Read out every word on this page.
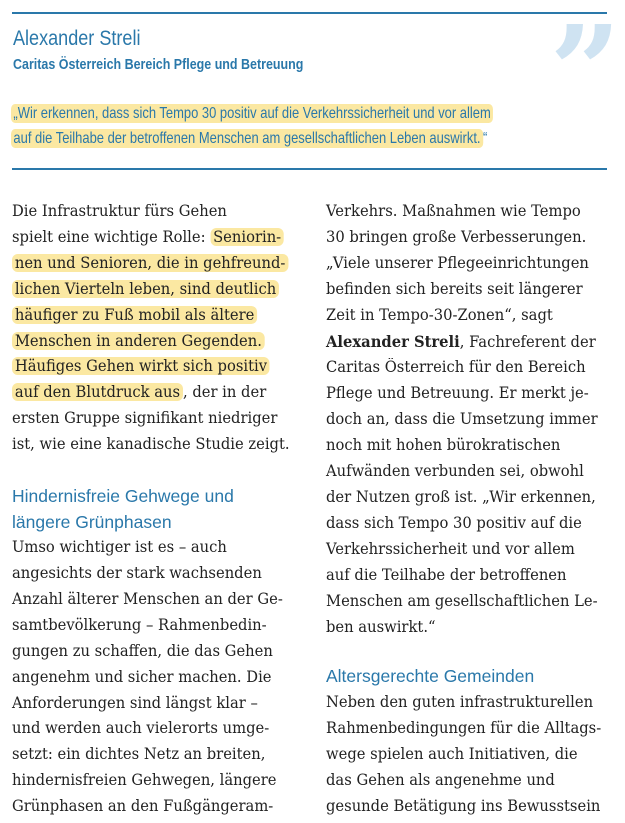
”
Alexander Streli
Caritas Österreich Bereich Pflege und Betreuung
„Wir erkennen, dass sich Tempo 30 positiv auf die Verkehrssicherheit und vor allem
auf die Teilhabe der betroffenen Menschen am gesellschaftlichen Leben auswirkt. “
Die Infrastruktur fürs Gehen
spielt eine wichtige Rolle: Seniorin-
nen und Senioren, die in gehfreund-
lichen Vierteln leben, sind deutlich
häufiger zu Fuß mobil als ältere
Menschen in anderen Gegenden.
Häufiges Gehen wirkt sich positiv
auf den Blutdruck aus , der in der
ersten Gruppe signifikant niedriger
ist, wie eine kanadische Studie zeigt.
Hindernisfreie Gehwege und
längere Grünphasen
Umso wichtiger ist es – auch
angesichts der stark wachsenden
Anzahl älterer Menschen an der Ge-
samtbevölkerung – Rahmenbedin-
gungen zu schaffen, die das Gehen
angenehm und sicher machen. Die
Anforderungen sind längst klar –
und werden auch vielerorts umge-
setzt: ein dichtes Netz an breiten,
hindernisfreien Gehwegen, längere
Grünphasen an den Fußgängeram-
Verkehrs. Maßnahmen wie Tempo
30 bringen große Verbesserungen.
„Viele unserer Pflegeeinrichtungen
befinden sich bereits seit längerer
Zeit in Tempo-30-Zonen“, sagt
Alexander Streli, Fachreferent der
Caritas Österreich für den Bereich
Pflege und Betreuung. Er merkt je-
doch an, dass die Umsetzung immer
noch mit hohen bürokratischen
Aufwänden verbunden sei, obwohl
der Nutzen groß ist. „Wir erkennen,
dass sich Tempo 30 positiv auf die
Verkehrssicherheit und vor allem
auf die Teilhabe der betroffenen
Menschen am gesellschaftlichen Le-
ben auswirkt.“
Altersgerechte Gemeinden
Neben den guten infrastrukturellen
Rahmenbedingungen für die Alltags-
wege spielen auch Initiativen, die
das Gehen als angenehme und
gesunde Betätigung ins Bewusstsein
